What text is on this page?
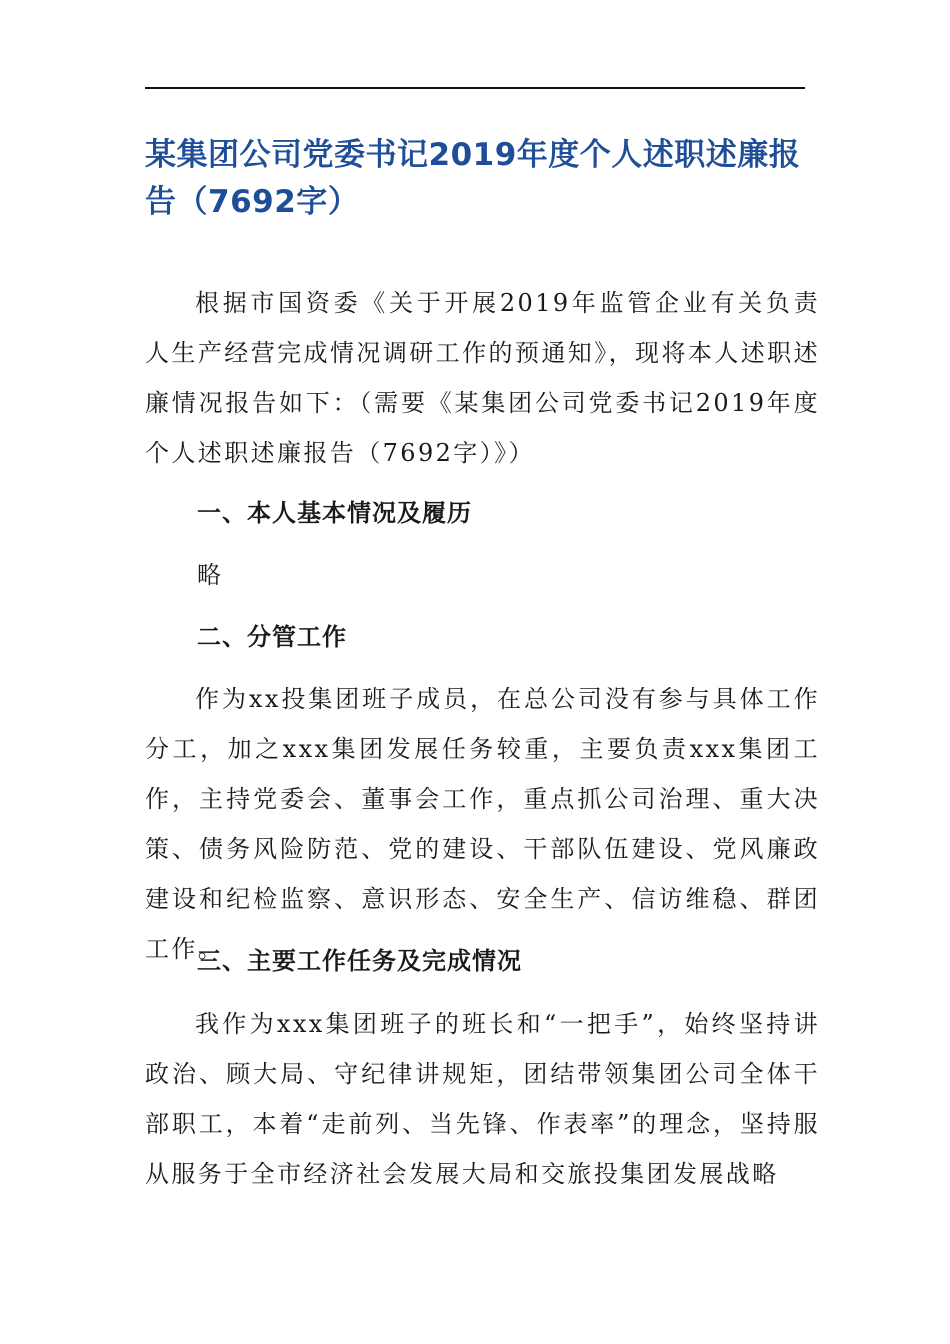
某集团公司党委书记2019年度个人述职述廉报告（7692字）

根据市国资委《关于开展2019年监管企业有关负责人生产经营完成情况调研工作的预通知》，现将本人述职述廉情况报告如下：（需要《某集团公司党委书记2019年度个人述职述廉报告（7692字）》）

一、本人基本情况及履历

略

二、分管工作

作为xx投集团班子成员，在总公司没有参与具体工作分工，加之xxx集团发展任务较重，主要负责xxx集团工作，主持党委会、董事会工作，重点抓公司治理、重大决策、债务风险防范、党的建设、干部队伍建设、党风廉政建设和纪检监察、意识形态、安全生产、信访维稳、群团工作。

三、主要工作任务及完成情况

我作为xxx集团班子的班长和“一把手”，始终坚持讲政治、顾大局、守纪律讲规矩，团结带领集团公司全体干部职工，本着“走前列、当先锋、作表率”的理念，坚持服从服务于全市经济社会发展大局和交旅投集团发展战略
